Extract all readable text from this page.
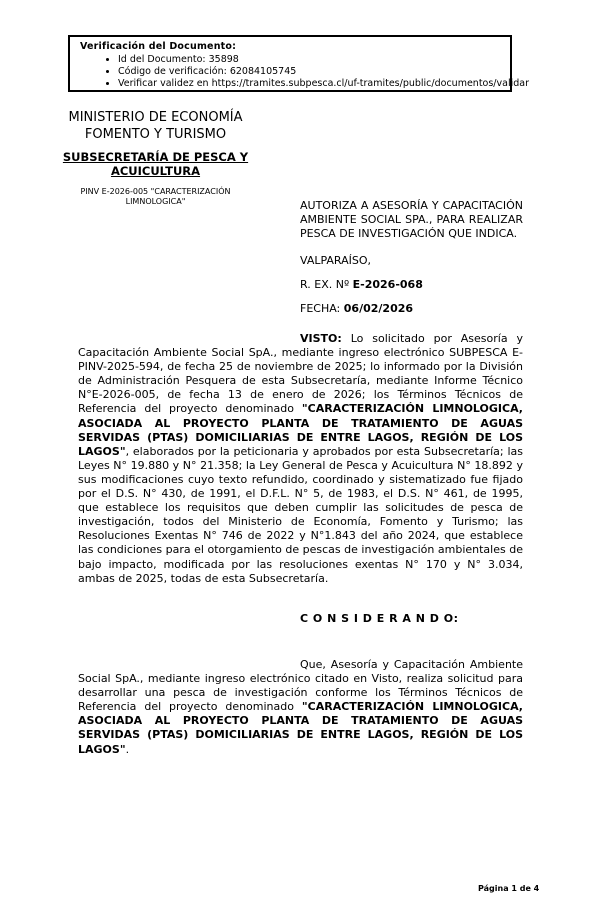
Verificación del Documento:
• Id del Documento: 35898
• Código de verificación: 62084105745
• Verificar validez en https://tramites.subpesca.cl/uf-tramites/public/documentos/validar
MINISTERIO DE ECONOMÍA
FOMENTO Y TURISMO
SUBSECRETARÍA DE PESCA Y ACUICULTURA
PINV E-2026-005 "CARACTERIZACIÓN LIMNOLOGICA"	AUTORIZA A ASESORÍA Y CAPACITACIÓN AMBIENTE SOCIAL SPA., PARA REALIZAR PESCA DE INVESTIGACIÓN QUE INDICA.

VALPARAÍSO,

R. EX. Nº E-2026-068

FECHA: 06/02/2026

VISTO: Lo solicitado por Asesoría y Capacitación Ambiente Social SpA., mediante ingreso electrónico SUBPESCA E-PINV-2025-594, de fecha 25 de noviembre de 2025; lo informado por la División de Administración Pesquera de esta Subsecretaría, mediante Informe Técnico N°E-2026-005, de fecha 13 de enero de 2026; los Términos Técnicos de Referencia del proyecto denominado "CARACTERIZACIÓN LIMNOLOGICA, ASOCIADA AL PROYECTO PLANTA DE TRATAMIENTO DE AGUAS SERVIDAS (PTAS) DOMICILIARIAS DE ENTRE LAGOS, REGIÓN DE LOS LAGOS", elaborados por la peticionaria y aprobados por esta Subsecretaría; las Leyes N° 19.880 y N° 21.358; la Ley General de Pesca y Acuicultura N° 18.892 y sus modificaciones cuyo texto refundido, coordinado y sistematizado fue fijado por el D.S. N° 430, de 1991, el D.F.L. N° 5, de 1983, el D.S. N° 461, de 1995, que establece los requisitos que deben cumplir las solicitudes de pesca de investigación, todos del Ministerio de Economía, Fomento y Turismo; las Resoluciones Exentas N° 746 de 2022 y N°1.843 del año 2024, que establece las condiciones para el otorgamiento de pescas de investigación ambientales de bajo impacto, modificada por las resoluciones exentas N° 170 y N° 3.034, ambas de 2025, todas de esta Subsecretaría.

C O N S I D E R A N D O:

Que, Asesoría y Capacitación Ambiente Social SpA., mediante ingreso electrónico citado en Visto, realiza solicitud para desarrollar una pesca de investigación conforme los Términos Técnicos de Referencia del proyecto denominado "CARACTERIZACIÓN LIMNOLOGICA, ASOCIADA AL PROYECTO PLANTA DE TRATAMIENTO DE AGUAS SERVIDAS (PTAS) DOMICILIARIAS DE ENTRE LAGOS, REGIÓN DE LOS LAGOS".

Página 1 de 4
